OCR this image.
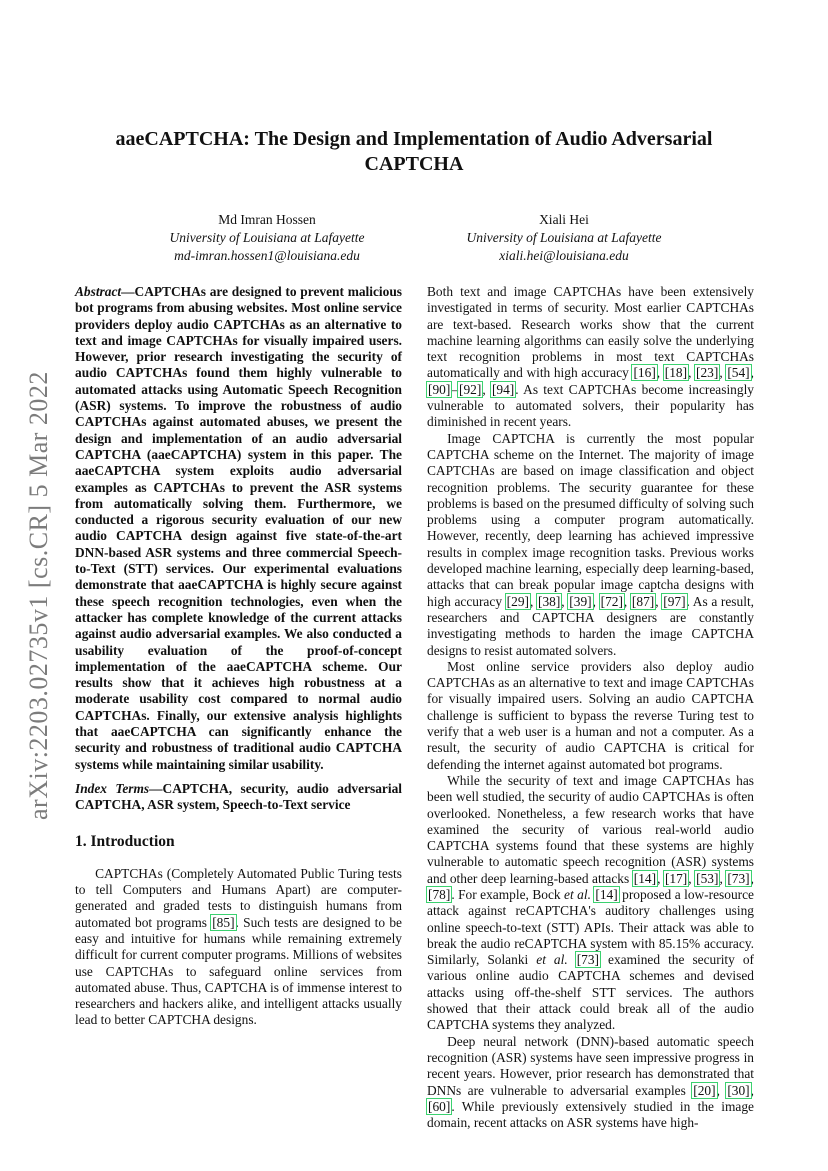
arXiv:2203.02735v1 [cs.CR] 5 Mar 2022
aaeCAPTCHA: The Design and Implementation of Audio Adversarial CAPTCHA
Md Imran Hossen
University of Louisiana at Lafayette
md-imran.hossen1@louisiana.edu
Xiali Hei
University of Louisiana at Lafayette
xiali.hei@louisiana.edu

Abstract—CAPTCHAs are designed to prevent malicious bot programs from abusing websites. Most online service providers deploy audio CAPTCHAs as an alternative to text and image CAPTCHAs for visually impaired users. However, prior research investigating the security of audio CAPTCHAs found them highly vulnerable to automated attacks using Automatic Speech Recognition (ASR) systems. To improve the robustness of audio CAPTCHAs against automated abuses, we present the design and implementation of an audio adversarial CAPTCHA (aaeCAPTCHA) system in this paper. The aaeCAPTCHA system exploits audio adversarial examples as CAPTCHAs to prevent the ASR systems from automatically solving them. Furthermore, we conducted a rigorous security evaluation of our new audio CAPTCHA design against five state-of-the-art DNN-based ASR systems and three commercial Speech-to-Text (STT) services. Our experimental evaluations demonstrate that aaeCAPTCHA is highly secure against these speech recognition technologies, even when the attacker has complete knowledge of the current attacks against audio adversarial examples. We also conducted a usability evaluation of the proof-of-concept implementation of the aaeCAPTCHA scheme. Our results show that it achieves high robustness at a moderate usability cost compared to normal audio CAPTCHAs. Finally, our extensive analysis highlights that aaeCAPTCHA can significantly enhance the security and robustness of traditional audio CAPTCHA systems while maintaining similar usability.

Index Terms—CAPTCHA, security, audio adversarial CAPTCHA, ASR system, Speech-to-Text service

1. Introduction

CAPTCHAs (Completely Automated Public Turing tests to tell Computers and Humans Apart) are computer-generated and graded tests to distinguish humans from automated bot programs [85]. Such tests are designed to be easy and intuitive for humans while remaining extremely difficult for current computer programs. Millions of websites use CAPTCHAs to safeguard online services from automated abuse. Thus, CAPTCHA is of immense interest to researchers and hackers alike, and intelligent attacks usually lead to better CAPTCHA designs.

Both text and image CAPTCHAs have been extensively investigated in terms of security. Most earlier CAPTCHAs are text-based. Research works show that the current machine learning algorithms can easily solve the underlying text recognition problems in most text CAPTCHAs automatically and with high accuracy [16], [18], [23], [54], [90]–[92], [94]. As text CAPTCHAs become increasingly vulnerable to automated solvers, their popularity has diminished in recent years.

Image CAPTCHA is currently the most popular CAPTCHA scheme on the Internet. The majority of image CAPTCHAs are based on image classification and object recognition problems. The security guarantee for these problems is based on the presumed difficulty of solving such problems using a computer program automatically. However, recently, deep learning has achieved impressive results in complex image recognition tasks. Previous works developed machine learning, especially deep learning-based, attacks that can break popular image captcha designs with high accuracy [29], [38], [39], [72], [87], [97]. As a result, researchers and CAPTCHA designers are constantly investigating methods to harden the image CAPTCHA designs to resist automated solvers.

Most online service providers also deploy audio CAPTCHAs as an alternative to text and image CAPTCHAs for visually impaired users. Solving an audio CAPTCHA challenge is sufficient to bypass the reverse Turing test to verify that a web user is a human and not a computer. As a result, the security of audio CAPTCHA is critical for defending the internet against automated bot programs.

While the security of text and image CAPTCHAs has been well studied, the security of audio CAPTCHAs is often overlooked. Nonetheless, a few research works that have examined the security of various real-world audio CAPTCHA systems found that these systems are highly vulnerable to automatic speech recognition (ASR) systems and other deep learning-based attacks [14], [17], [53], [73], [78]. For example, Bock et al. [14] proposed a low-resource attack against reCAPTCHA's auditory challenges using online speech-to-text (STT) APIs. Their attack was able to break the audio reCAPTCHA system with 85.15% accuracy. Similarly, Solanki et al. [73] examined the security of various online audio CAPTCHA schemes and devised attacks using off-the-shelf STT services. The authors showed that their attack could break all of the audio CAPTCHA systems they analyzed.

Deep neural network (DNN)-based automatic speech recognition (ASR) systems have seen impressive progress in recent years. However, prior research has demonstrated that DNNs are vulnerable to adversarial examples [20], [30], [60]. While previously extensively studied in the image domain, recent attacks on ASR systems have high-
